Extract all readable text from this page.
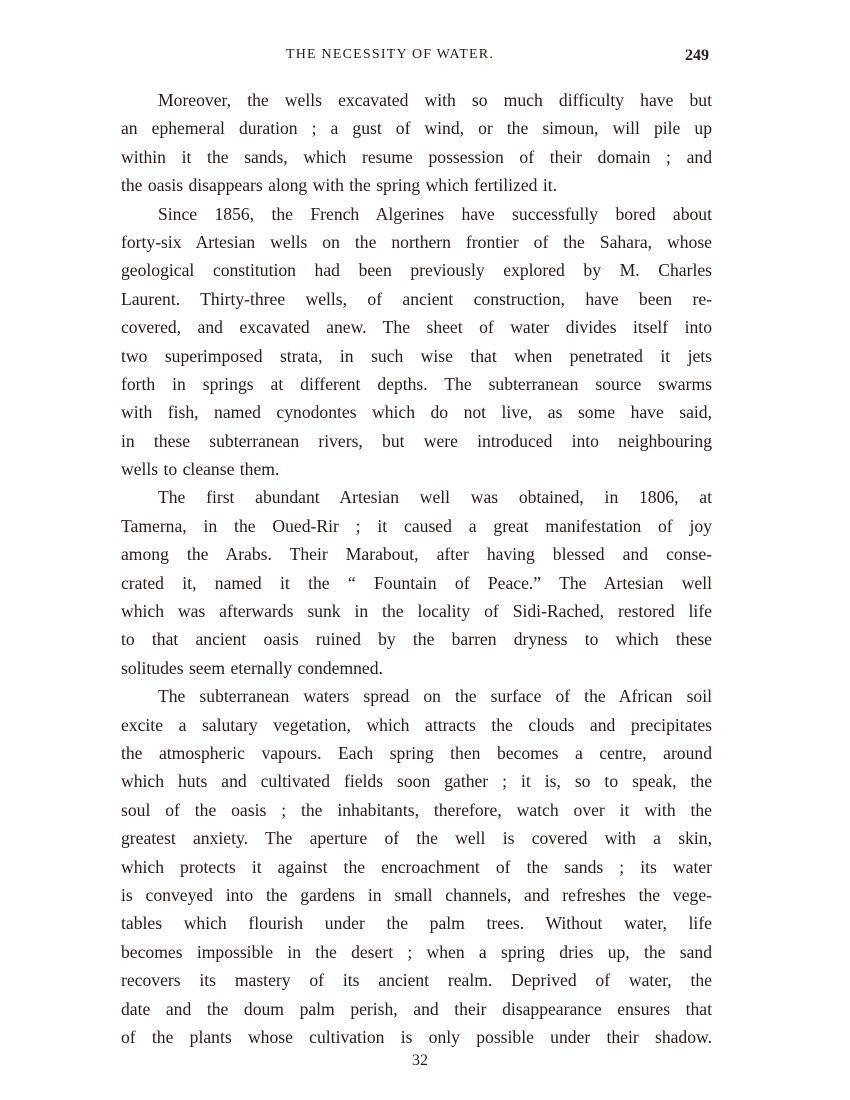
THE NECESSITY OF WATER.	249
Moreover, the wells excavated with so much difficulty have but
an ephemeral duration ; a gust of wind, or the simoun, will pile up
within it the sands, which resume possession of their domain ; and
the oasis disappears along with the spring which fertilized it.
Since 1856, the French Algerines have successfully bored about
forty-six Artesian wells on the northern frontier of the Sahara, whose
geological constitution had been previously explored by M. Charles
Laurent. Thirty-three wells, of ancient construction, have been re-
covered, and excavated anew. The sheet of water divides itself into
two superimposed strata, in such wise that when penetrated it jets
forth in springs at different depths. The subterranean source swarms
with fish, named cynodontes which do not live, as some have said,
in these subterranean rivers, but were introduced into neighbouring
wells to cleanse them.
The first abundant Artesian well was obtained, in 1806, at
Tamerna, in the Oued-Rir ; it caused a great manifestation of joy
among the Arabs. Their Marabout, after having blessed and conse-
crated it, named it the “ Fountain of Peace.” The Artesian well
which was afterwards sunk in the locality of Sidi-Rached, restored life
to that ancient oasis ruined by the barren dryness to which these
solitudes seem eternally condemned.
The subterranean waters spread on the surface of the African soil
excite a salutary vegetation, which attracts the clouds and precipitates
the atmospheric vapours. Each spring then becomes a centre, around
which huts and cultivated fields soon gather ; it is, so to speak, the
soul of the oasis ; the inhabitants, therefore, watch over it with the
greatest anxiety. The aperture of the well is covered with a skin,
which protects it against the encroachment of the sands ; its water
is conveyed into the gardens in small channels, and refreshes the vege-
tables which flourish under the palm trees. Without water, life
becomes impossible in the desert ; when a spring dries up, the sand
recovers its mastery of its ancient realm. Deprived of water, the
date and the doum palm perish, and their disappearance ensures that
of the plants whose cultivation is only possible under their shadow.
32
